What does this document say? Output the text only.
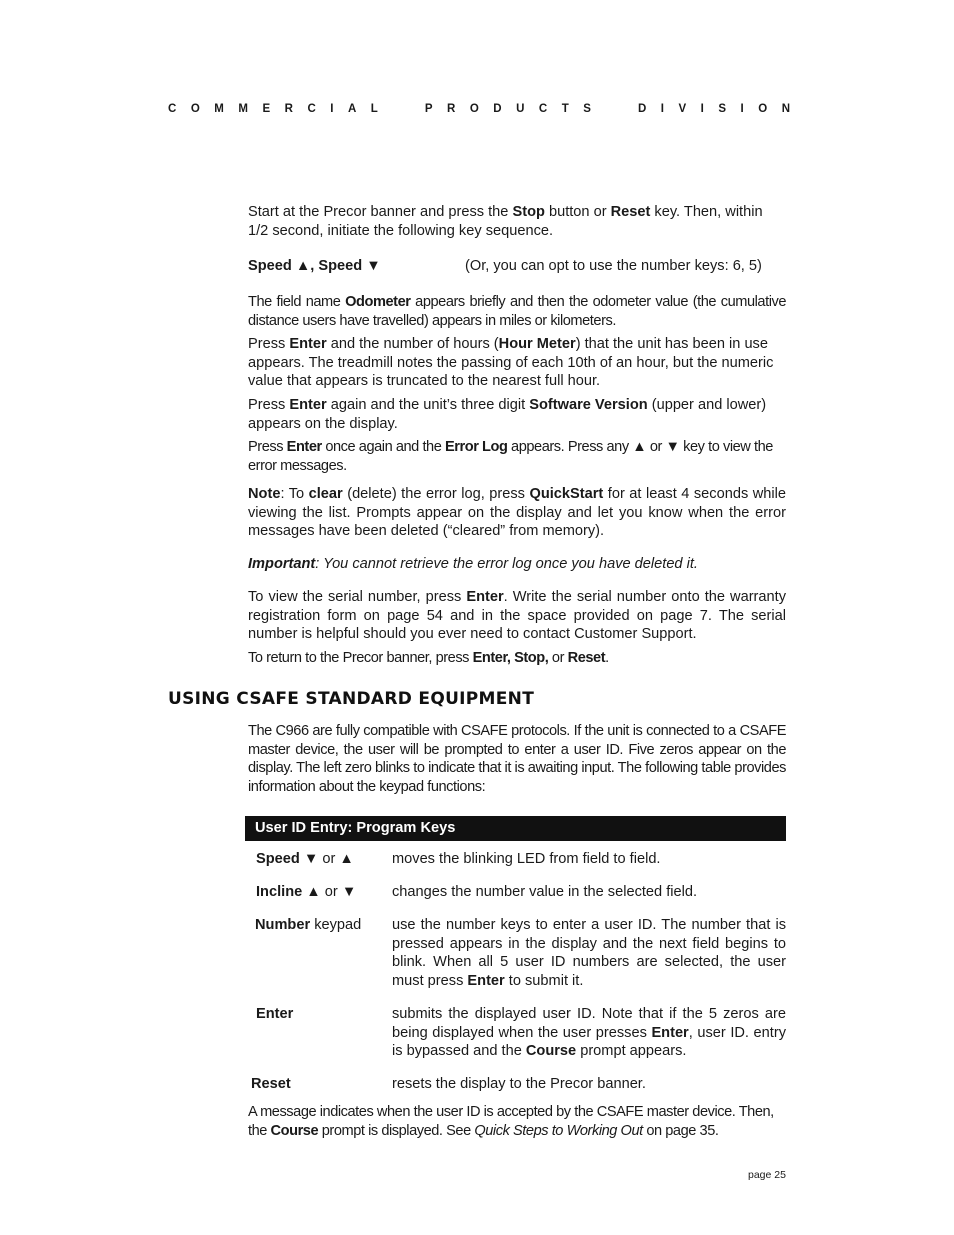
C O M M E R C I A L	P R O D U C T S	D I V I S I O N

Start at the Precor banner and press the Stop button or Reset key. Then, within 1/2 second, initiate the following key sequence.

Speed ▲, Speed ▼	(Or, you can opt to use the number keys: 6, 5)

The field name Odometer appears briefly and then the odometer value (the cumulative distance users have travelled) appears in miles or kilometers.

Press Enter and the number of hours (Hour Meter) that the unit has been in use appears. The treadmill notes the passing of each 10th of an hour, but the numeric value that appears is truncated to the nearest full hour.

Press Enter again and the unit’s three digit Software Version (upper and lower) appears on the display.

Press Enter once again and the Error Log appears. Press any ▲ or ▼ key to view the error messages.

Note: To clear (delete) the error log, press QuickStart for at least 4 seconds while viewing the list. Prompts appear on the display and let you know when the error messages have been deleted (“cleared” from memory).

Important: You cannot retrieve the error log once you have deleted it.

To view the serial number, press Enter. Write the serial number onto the warranty registration form on page 54 and in the space provided on page 7. The serial number is helpful should you ever need to contact Customer Support.

To return to the Precor banner, press Enter, Stop, or Reset.

USING CSAFE STANDARD EQUIPMENT

The C966 are fully compatible with CSAFE protocols. If the unit is connected to a CSAFE master device, the user will be prompted to enter a user ID. Five zeros appear on the display. The left zero blinks to indicate that it is awaiting input. The following table provides information about the keypad functions:

User ID Entry: Program Keys
Speed ▼ or ▲	moves the blinking LED from field to field.
Incline ▲ or ▼	changes the number value in the selected field.
Number keypad	use the number keys to enter a user ID. The number that is pressed appears in the display and the next field begins to blink. When all 5 user ID numbers are selected, the user must press Enter to submit it.
Enter	submits the displayed user ID. Note that if the 5 zeros are being displayed when the user presses Enter, user ID. entry is bypassed and the Course prompt appears.
Reset	resets the display to the Precor banner.

A message indicates when the user ID is accepted by the CSAFE master device. Then, the Course prompt is displayed. See Quick Steps to Working Out on page 35.

page 25
